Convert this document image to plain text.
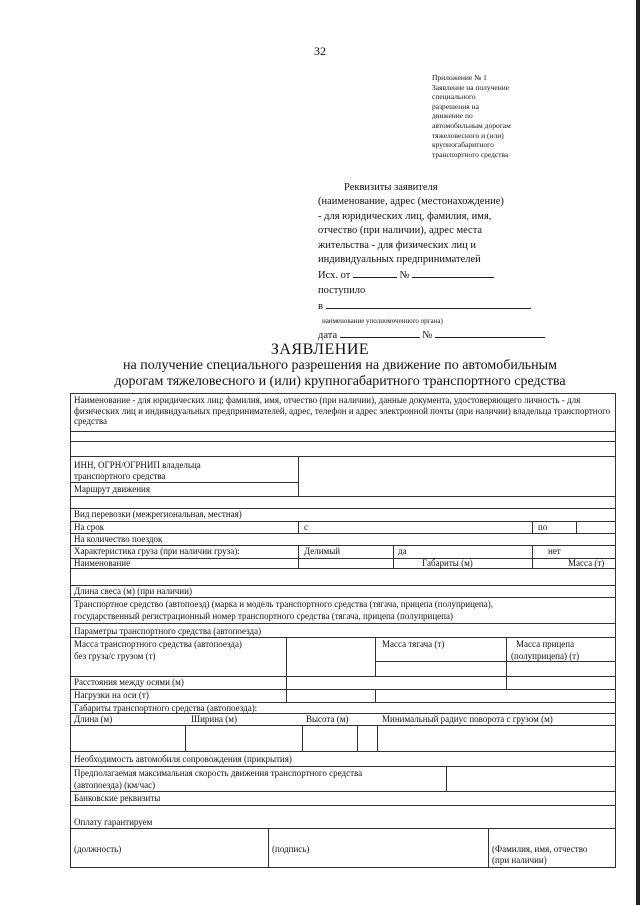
32
Приложение № 1
Заявление на получение
специального
разрешения на
движение по
автомобильным дорогам
тяжеловесного и (или)
крупногабаритного
транспортного средства
Реквизиты заявителя
(наименование, адрес (местонахождение)
- для юридических лиц, фамилия, имя,
отчество (при наличии), адрес места
жительства - для физических лиц и
индивидуальных предпринимателей
Исх. от	№
поступило
в
наименование уполномоченного органа)
дата	№
ЗАЯВЛЕНИЕ
на получение специального разрешения на движение по автомобильным
дорогам тяжеловесного и (или) крупногабаритного транспортного средства
Наименование - для юридических лиц; фамилия, имя, отчество (при наличии), данные документа, удостоверяющего личность - для физических лиц и индивидуальных предпринимателей, адрес, телефон и адрес электронной почты (при наличии) владельца транспортного средства
ИНН, ОГРН/ОГРНИП владельца
транспортного средства
Маршрут движения
Вид перевозки (межрегиональная, местная)
На срок	с	по
На количество поездок
Характеристика груза (при наличии груза):	Делимый	да	нет
Наименование	Габариты (м)	Масса (т)
Длина свеса (м) (при наличии)
Транспортное средство (автопоезд) (марка и модель транспортного средства (тягача, прицепа (полуприцепа),
государственный регистрационный номер транспортного средства (тягача, прицепа (полуприцепа)
Параметры транспортного средства (автопоезда)
Масса транспортного средства (автопоезда)
без груза/с грузом (т)
Масса тягача (т)	Масса прицепа
(полуприцепа) (т)
Расстояния между осями (м)
Нагрузки на оси (т)
Габариты транспортного средства (автопоезда):
Длина (м)	Ширина (м)	Высота (м)	Минимальный радиус поворота с грузом (м)
Необходимость автомобиля сопровождения (прикрытия)
Предполагаемая максимальная скорость движения транспортного средства
(автопоезда) (км/час)
Банковские реквизиты
Оплату гарантируем
(должность)	(подпись)	(Фамилия, имя, отчество
(при наличии)
